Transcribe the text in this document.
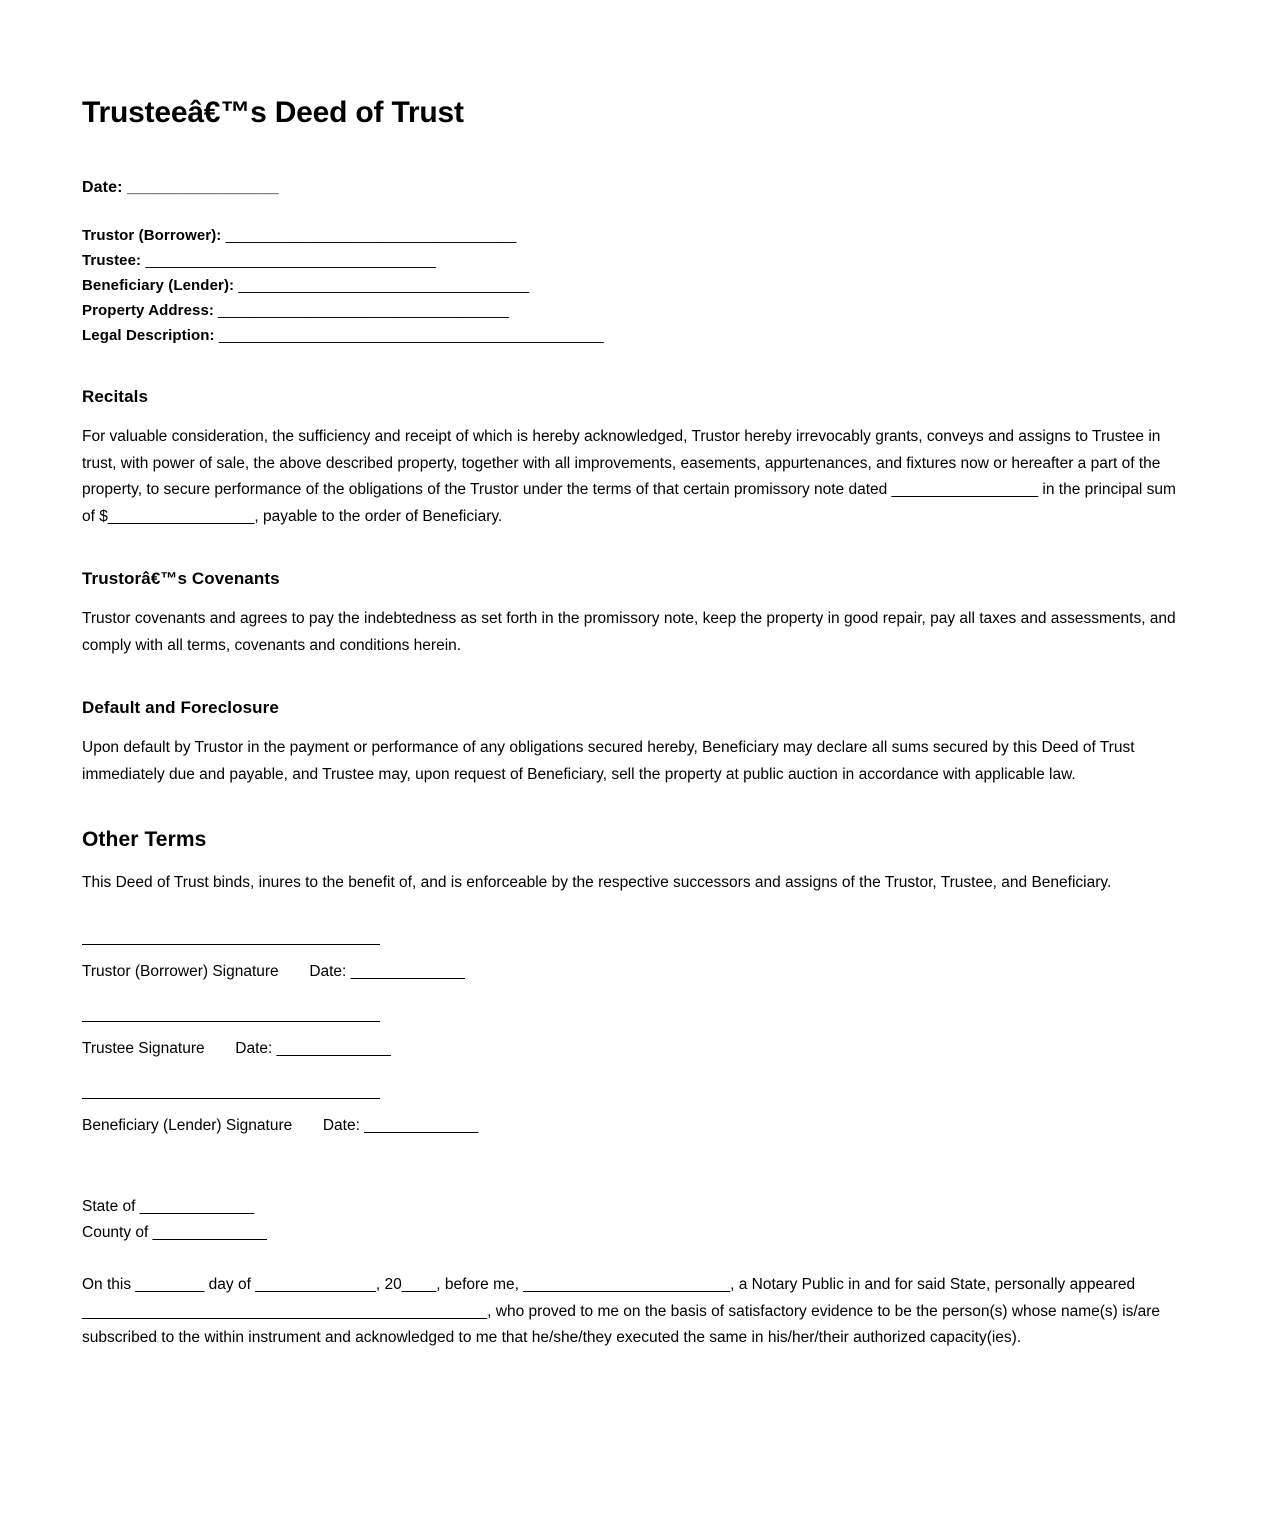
Trusteeâ€™s Deed of Trust
Date: __________________
Trustor (Borrower): _____________________________________
Trustee: _____________________________________
Beneficiary (Lender): _____________________________________
Property Address: _____________________________________
Legal Description: _________________________________________________
Recitals

For valuable consideration, the sufficiency and receipt of which is hereby acknowledged, Trustor hereby irrevocably grants, conveys and assigns to Trustee in trust, with power of sale, the above described property, together with all improvements, easements, appurtenances, and fixtures now or hereafter a part of the property, to secure performance of the obligations of the Trustor under the terms of that certain promissory note dated _________________ in the principal sum of $_________________, payable to the order of Beneficiary.

Trustorâ€™s Covenants

Trustor covenants and agrees to pay the indebtedness as set forth in the promissory note, keep the property in good repair, pay all taxes and assessments, and comply with all terms, covenants and conditions herein.

Default and Foreclosure

Upon default by Trustor in the payment or performance of any obligations secured hereby, Beneficiary may declare all sums secured by this Deed of Trust immediately due and payable, and Trustee may, upon request of Beneficiary, sell the property at public auction in accordance with applicable law.

Other Terms

This Deed of Trust binds, inures to the benefit of, and is enforceable by the respective successors and assigns of the Trustor, Trustee, and Beneficiary.

Trustor (Borrower) Signature Date: ______________
Trustee Signature Date: ______________
Beneficiary (Lender) Signature Date: ______________
State of ______________
County of ______________

On this ________ day of ______________, 20____, before me, ________________________, a Notary Public in and for said State, personally appeared _______________________________________________, who proved to me on the basis of satisfactory evidence to be the person(s) whose name(s) is/are subscribed to the within instrument and acknowledged to me that he/she/they executed the same in his/her/their authorized capacity(ies).
